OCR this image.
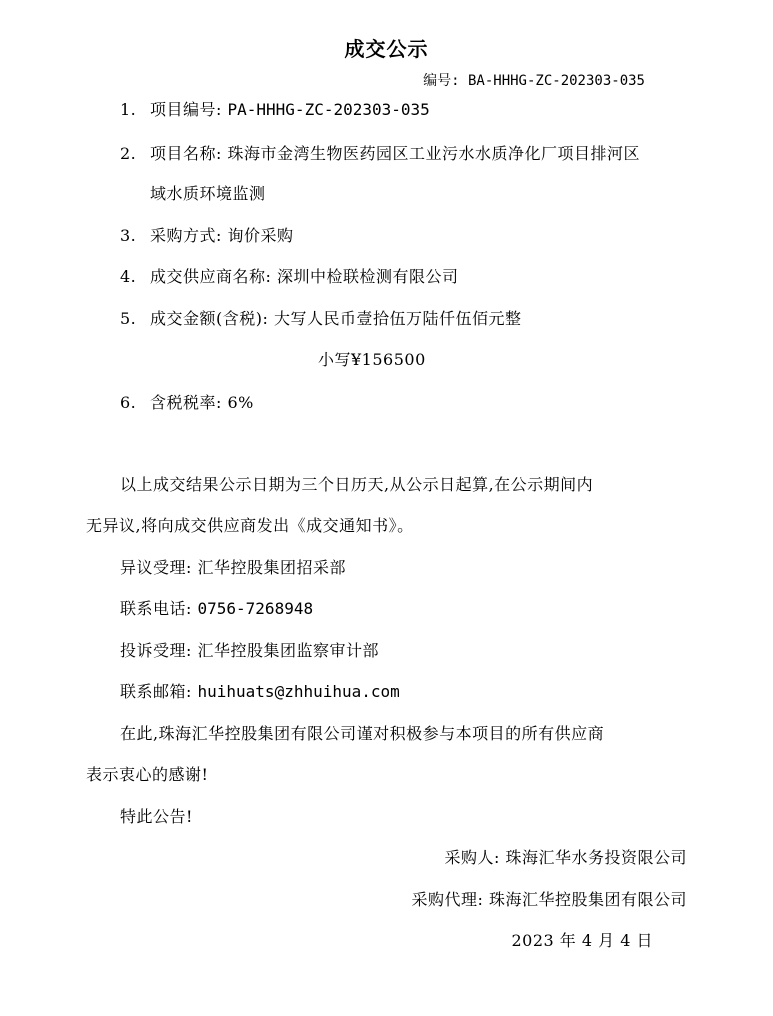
成交公示
编号: BA-HHHG-ZC-202303-035
1. 项目编号: PA-HHHG-ZC-202303-035
2. 项目名称: 珠海市金湾生物医药园区工业污水水质净化厂项目排河区
域水质环境监测
3. 采购方式: 询价采购
4. 成交供应商名称: 深圳中检联检测有限公司
5. 成交金额(含税): 大写人民币壹拾伍万陆仟伍佰元整
小写¥156500
6. 含税税率: 6%
以上成交结果公示日期为三个日历天,从公示日起算,在公示期间内
无异议,将向成交供应商发出《成交通知书》。
异议受理: 汇华控股集团招采部
联系电话: 0756-7268948
投诉受理: 汇华控股集团监察审计部
联系邮箱: huihuats@zhhuihua.com
在此,珠海汇华控股集团有限公司谨对积极参与本项目的所有供应商
表示衷心的感谢!
特此公告!
采购人: 珠海汇华水务投资限公司
采购代理: 珠海汇华控股集团有限公司
2023 年 4 月 4 日
